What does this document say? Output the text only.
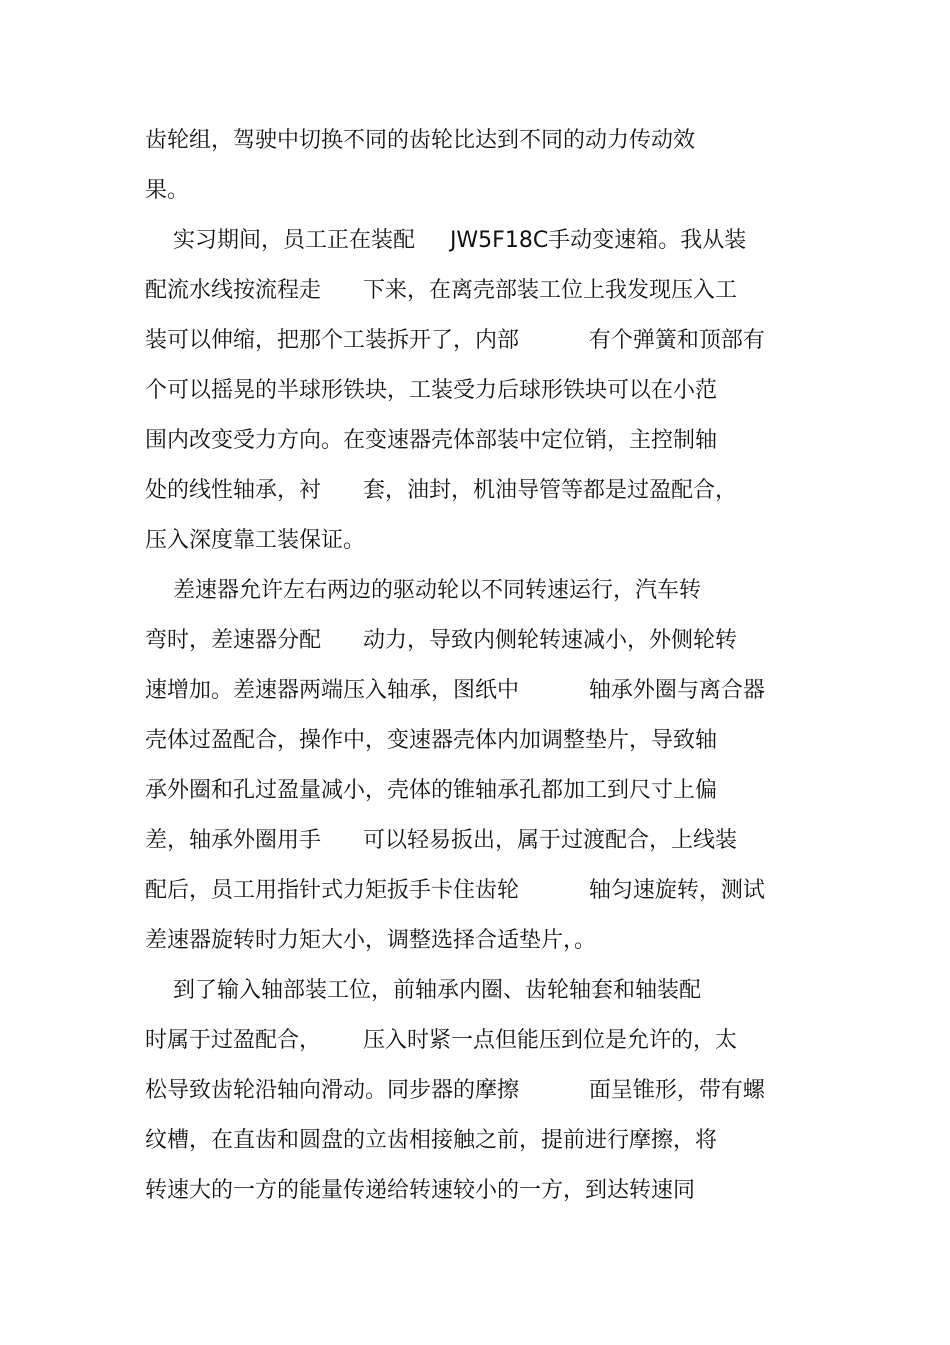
齿轮组，驾驶中切换不同的齿轮比达到不同的动力传动效
果。
实习期间，员工正在装配     JW5F18C手动变速箱。我从装
配流水线按流程走      下来，在离壳部装工位上我发现压入工
装可以伸缩，把那个工装拆开了，内部          有个弹簧和顶部有
个可以摇晃的半球形铁块，工装受力后球形铁块可以在小范
围内改变受力方向。在变速器壳体部装中定位销，主控制轴
处的线性轴承，衬      套，油封，机油导管等都是过盈配合，
压入深度靠工装保证。
差速器允许左右两边的驱动轮以不同转速运行，汽车转
弯时，差速器分配      动力，导致内侧轮转速减小，外侧轮转
速增加。差速器两端压入轴承，图纸中          轴承外圈与离合器
壳体过盈配合，操作中，变速器壳体内加调整垫片，导致轴
承外圈和孔过盈量减小，壳体的锥轴承孔都加工到尺寸上偏
差，轴承外圈用手      可以轻易扳出，属于过渡配合，上线装
配后，员工用指针式力矩扳手卡住齿轮          轴匀速旋转，测试
差速器旋转时力矩大小，调整选择合适垫片，。
到了输入轴部装工位，前轴承内圈、齿轮轴套和轴装配
时属于过盈配合，      压入时紧一点但能压到位是允许的，太
松导致齿轮沿轴向滑动。同步器的摩擦          面呈锥形，带有螺
纹槽，在直齿和圆盘的立齿相接触之前，提前进行摩擦，将
转速大的一方的能量传递给转速较小的一方，到达转速同
